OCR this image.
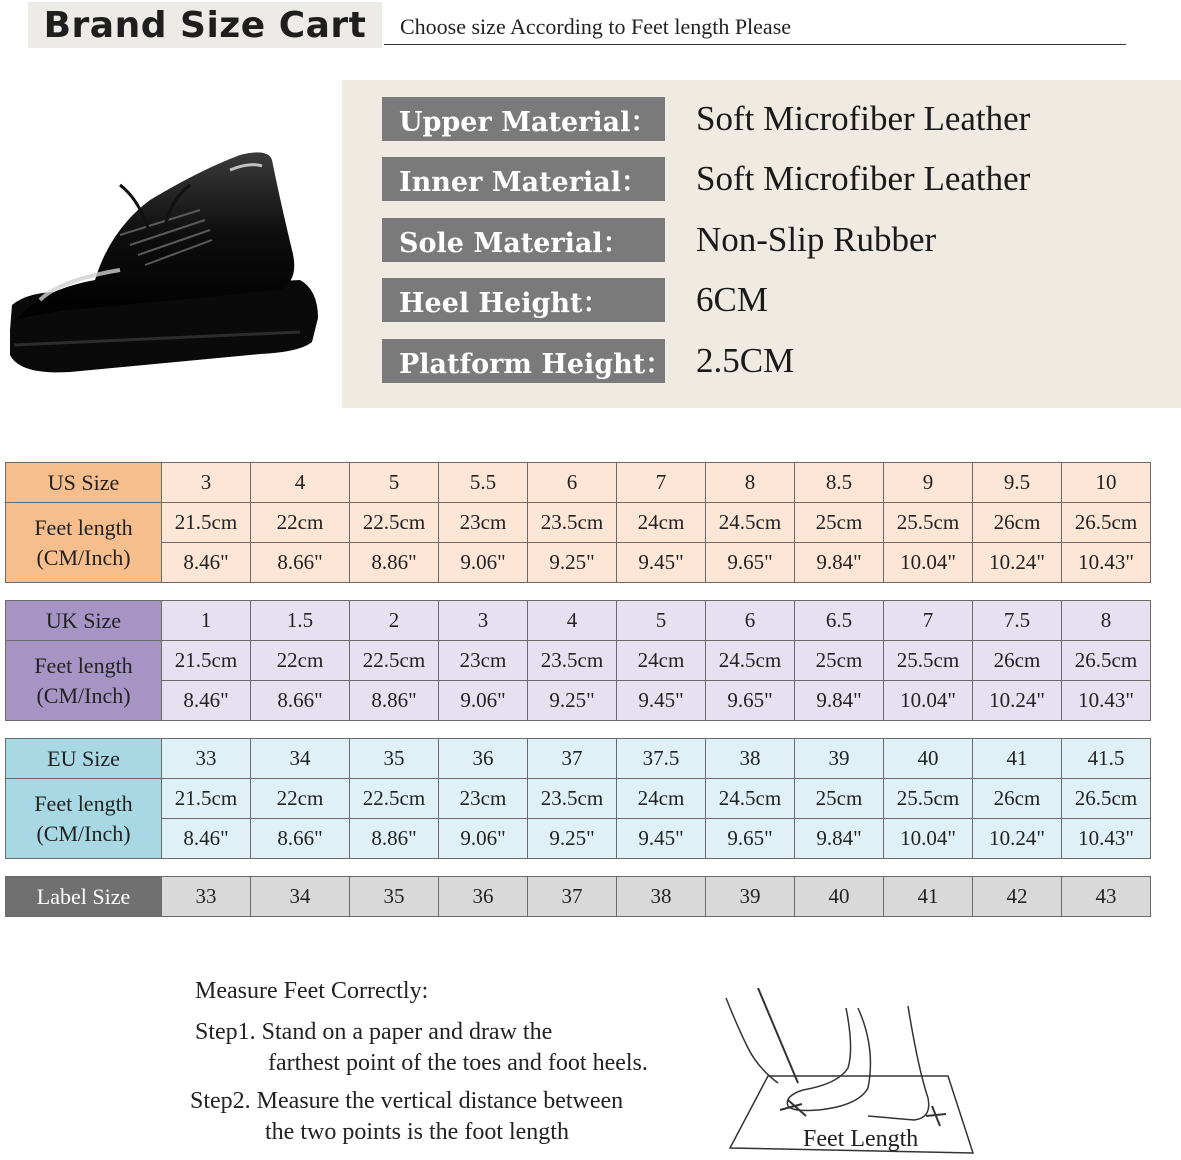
Brand Size Cart Choose size According to Feet length Please
Upper Material： Soft Microfiber Leather
Inner Material：	Soft Microfiber Leather
Sole Material：	Non-Slip Rubber
Heel Height：	6CM
Platform Height： 2.5CM
US Size	3	4	5	5.5	6	7	8	8.5	9	9.5	10

Feet length
(CM/Inch)	21.5cm	22cm	22.5cm	23cm	23.5cm	24cm	24.5cm	25cm	25.5cm	26cm	26.5cm
	8.46"	8.66"	8.86"	9.06"	9.25"	9.45"	9.65"	9.84"	10.04"	10.24"	10.43"
UK Size	1	1.5	2	3	4	5	6	6.5	7	7.5	8

Feet length
(CM/Inch)	21.5cm	22cm	22.5cm	23cm	23.5cm	24cm	24.5cm	25cm	25.5cm	26cm	26.5cm
	8.46"	8.66"	8.86"	9.06"	9.25"	9.45"	9.65"	9.84"	10.04"	10.24"	10.43"
EU Size	33	34	35	36	37	37.5	38	39	40	41	41.5

Feet length
(CM/Inch)	21.5cm	22cm	22.5cm	23cm	23.5cm	24cm	24.5cm	25cm	25.5cm	26cm	26.5cm
	8.46"	8.66"	8.86"	9.06"	9.25"	9.45"	9.65"	9.84"	10.04"	10.24"	10.43"
Label Size	33	34	35	36	37	38	39	40	41	42	43
Measure Feet Correctly:
Step1. Stand on a paper and draw the
farthest point of the toes and foot heels.
Step2. Measure the vertical distance between
the two points is the foot length	Feet Length
